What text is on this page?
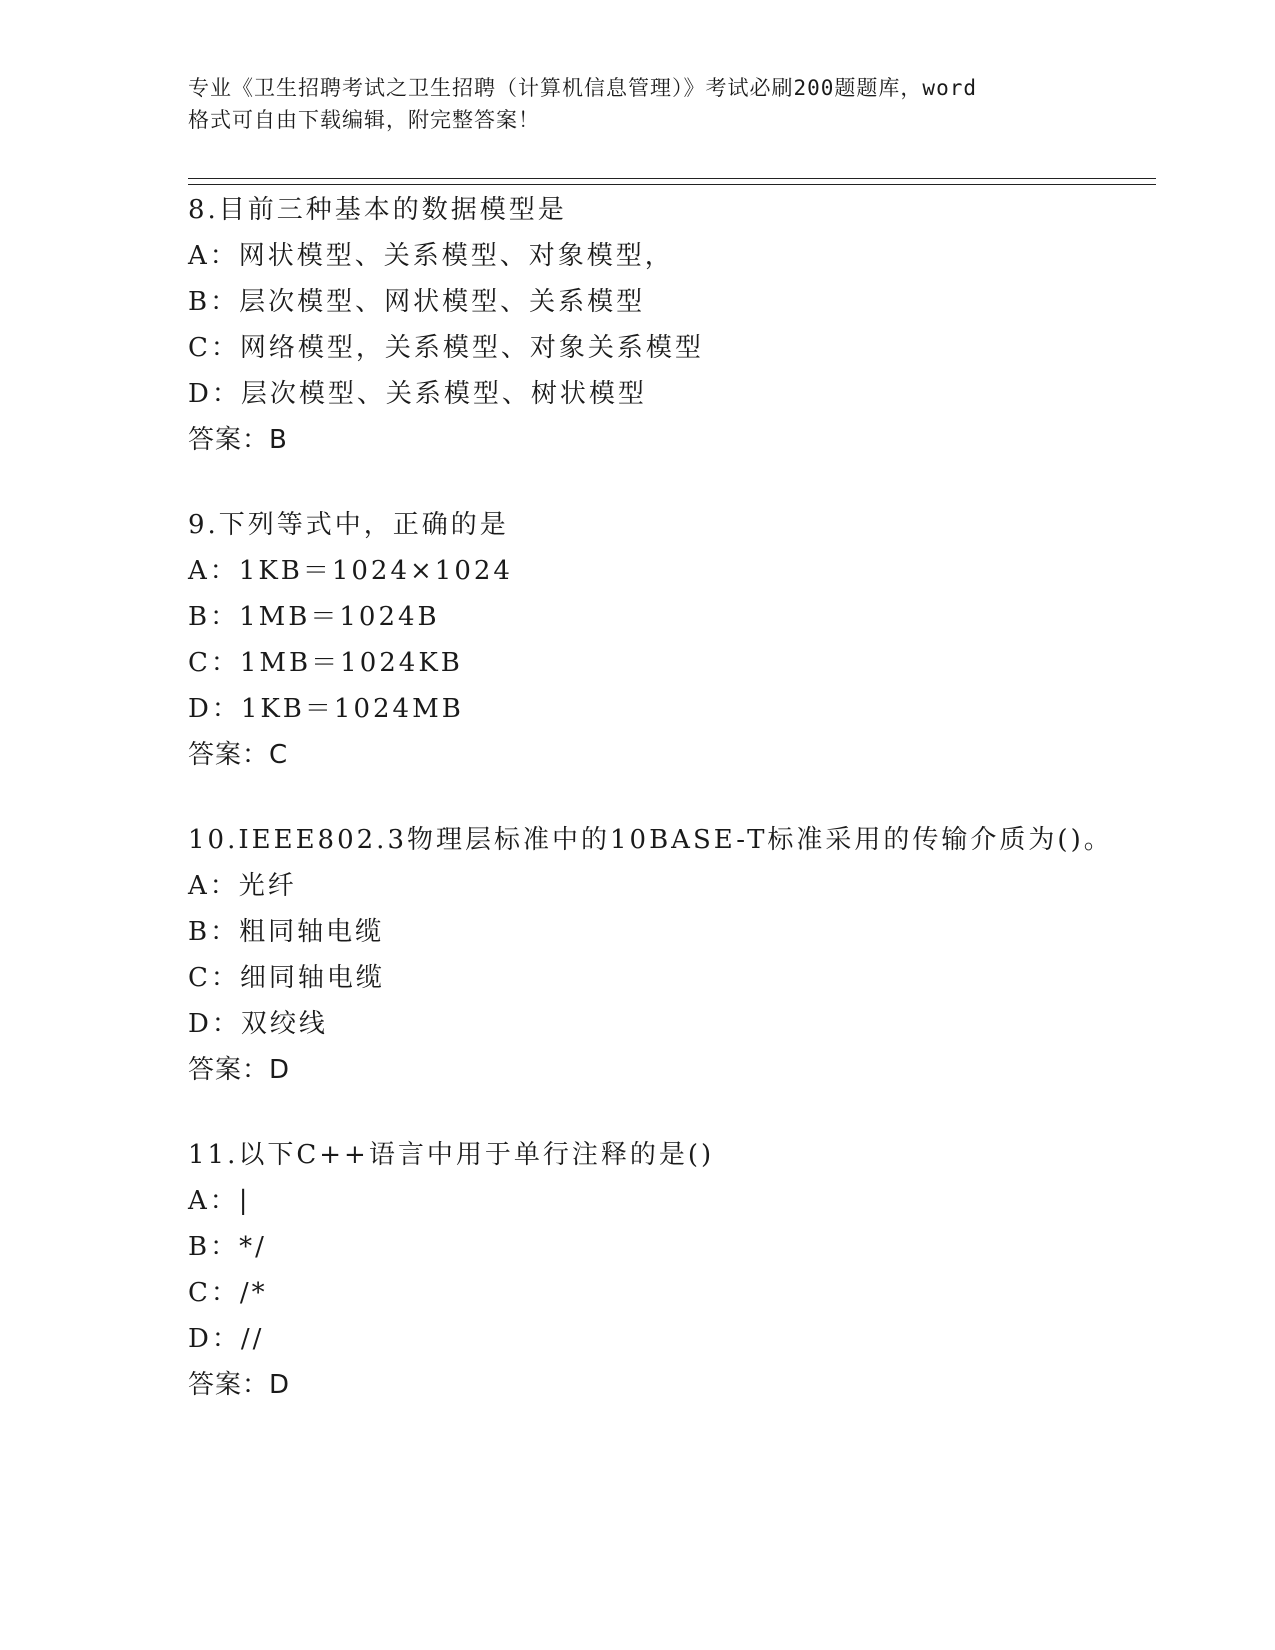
专业《卫生招聘考试之卫生招聘（计算机信息管理）》考试必刷200题题库，word

格式可自由下载编辑，附完整答案！

8.目前三种基本的数据模型是
A：网状模型、关系模型、对象模型，
B：层次模型、网状模型、关系模型
C：网络模型，关系模型、对象关系模型
D：层次模型、关系模型、树状模型
答案：B
9.下列等式中，正确的是
A：1KB＝1024×1024
B：1MB＝1024B
C：1MB＝1024KB
D：1KB＝1024MB
答案：C
10.IEEE802.3物理层标准中的10BASE-T标准采用的传输介质为()。
A：光纤
B：粗同轴电缆
C：细同轴电缆
D：双绞线
答案：D
11.以下C++语言中用于单行注释的是()
A：|
B：*/
C：/*
D：//
答案：D
